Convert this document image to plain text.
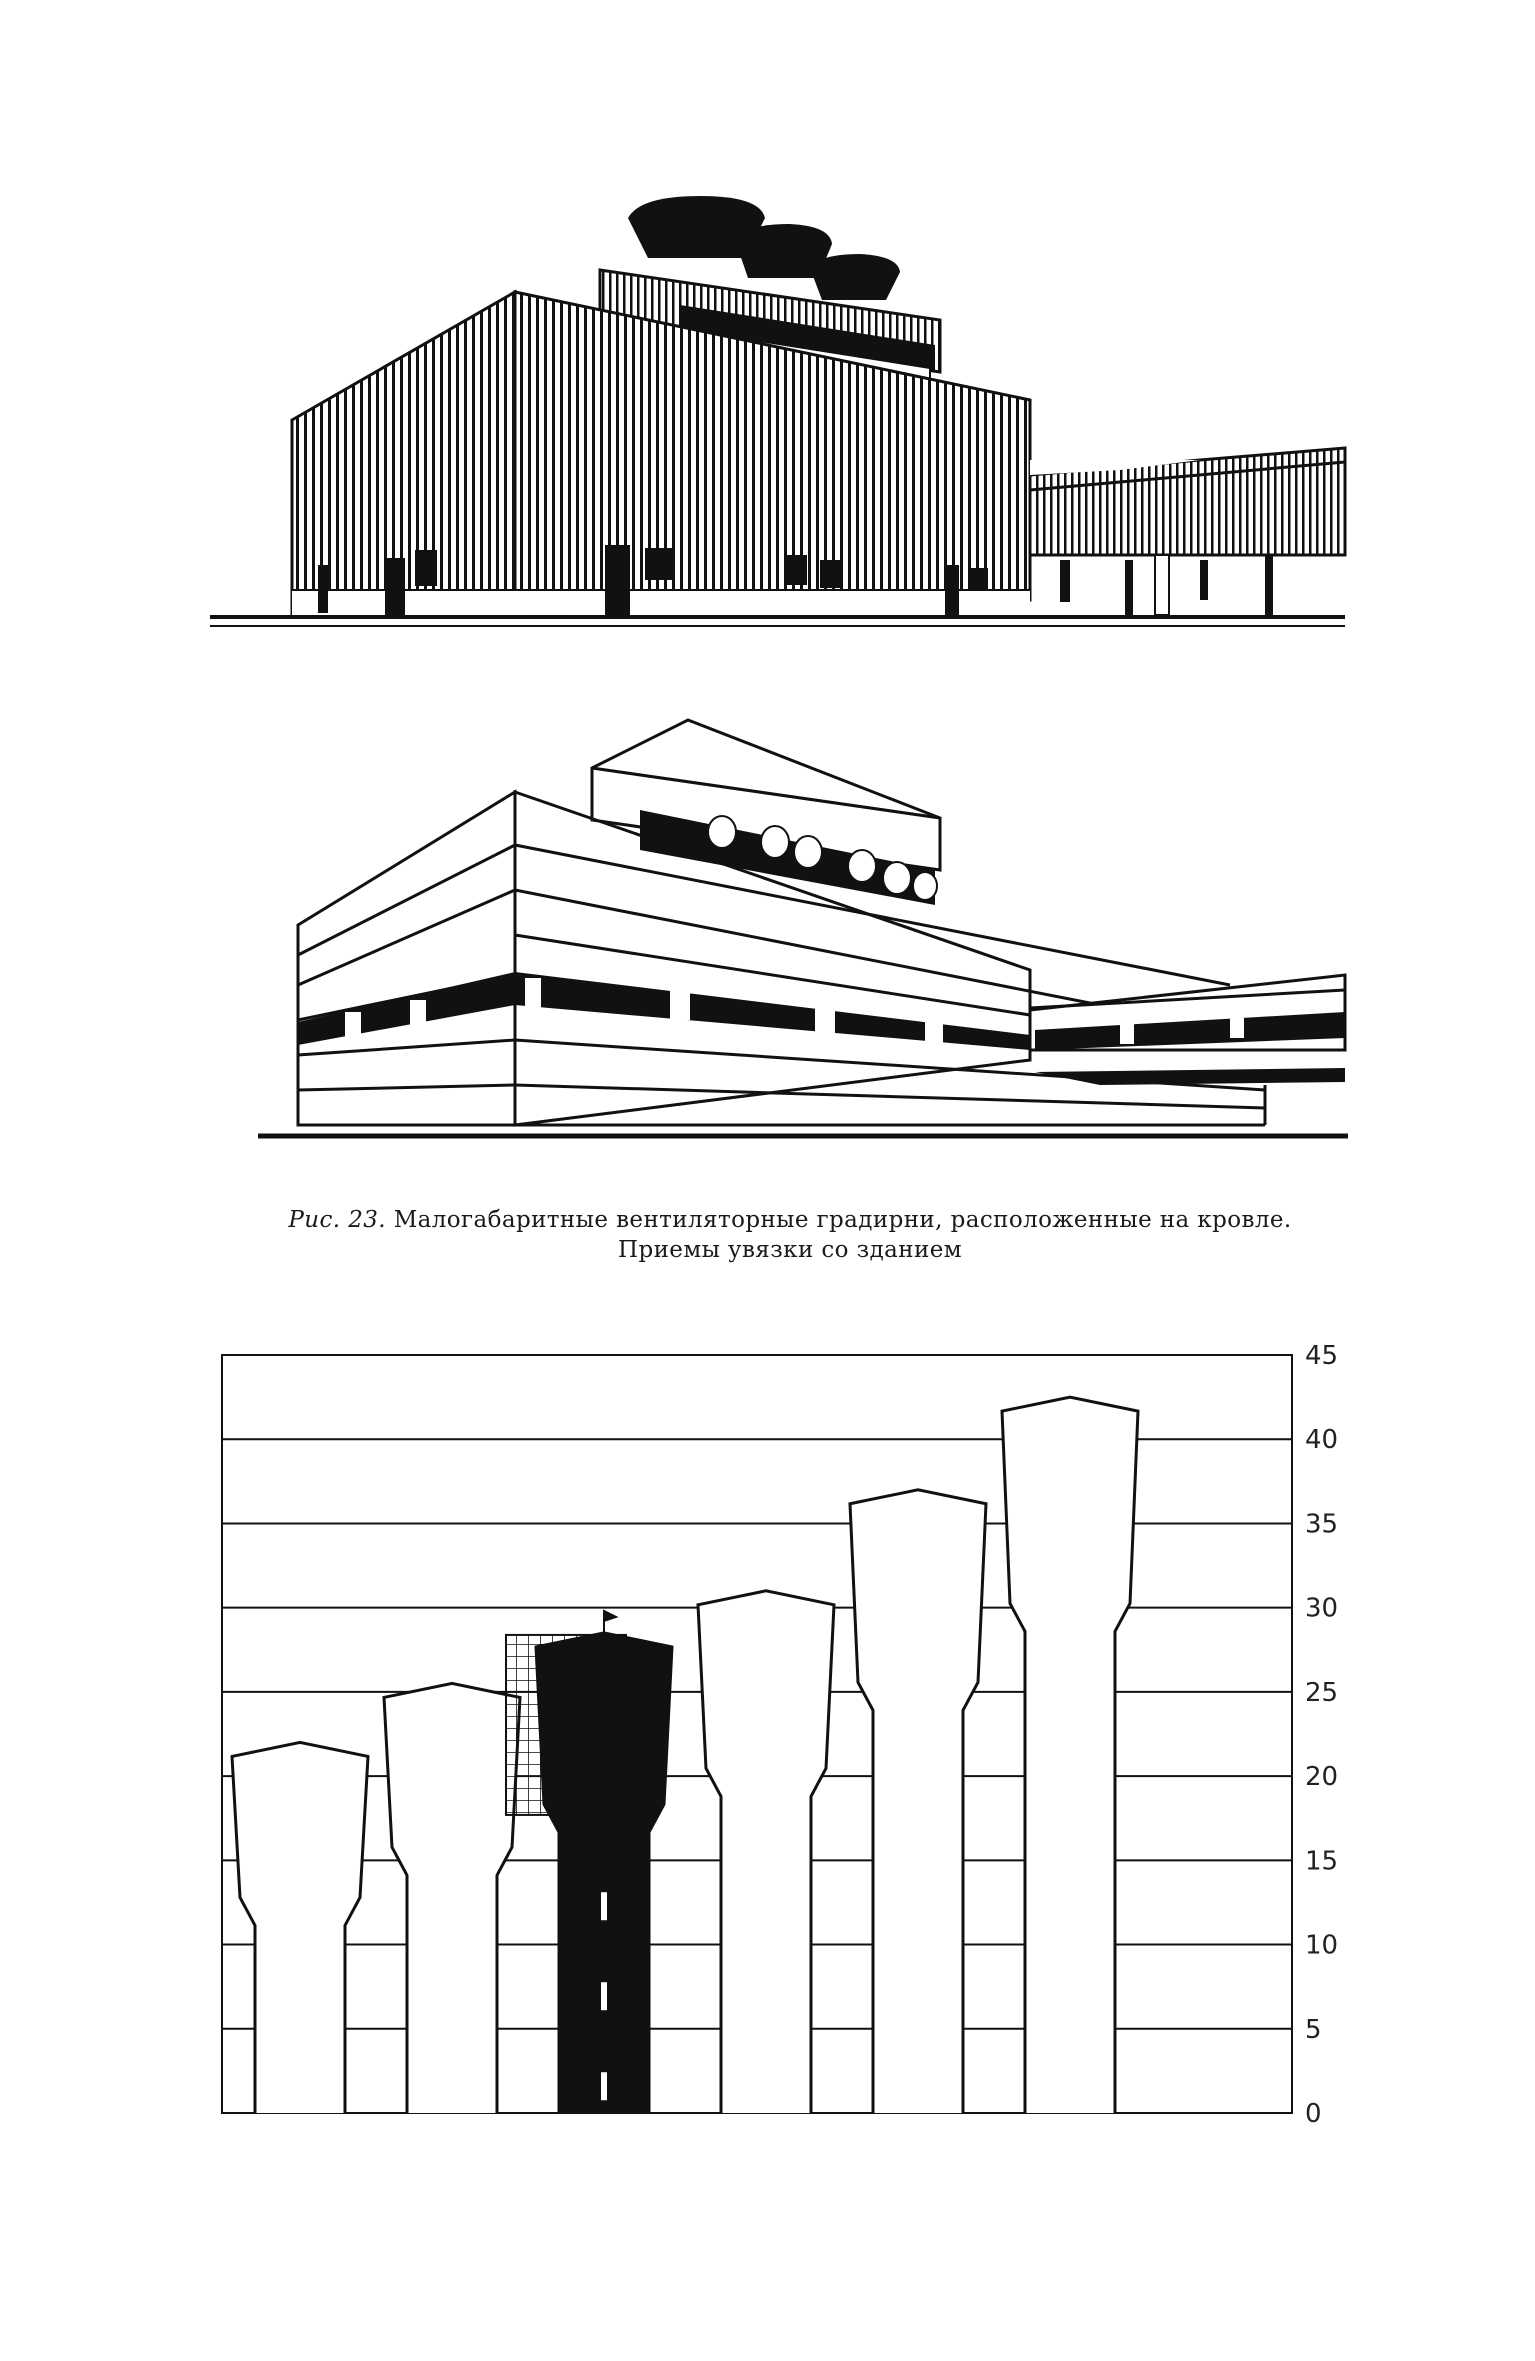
0
5
10
15
20
25
30
35
40
45
Рис. 23. Малогабаритные вентиляторные градирни, расположенные на кровле.
Приемы увязки со зданием
